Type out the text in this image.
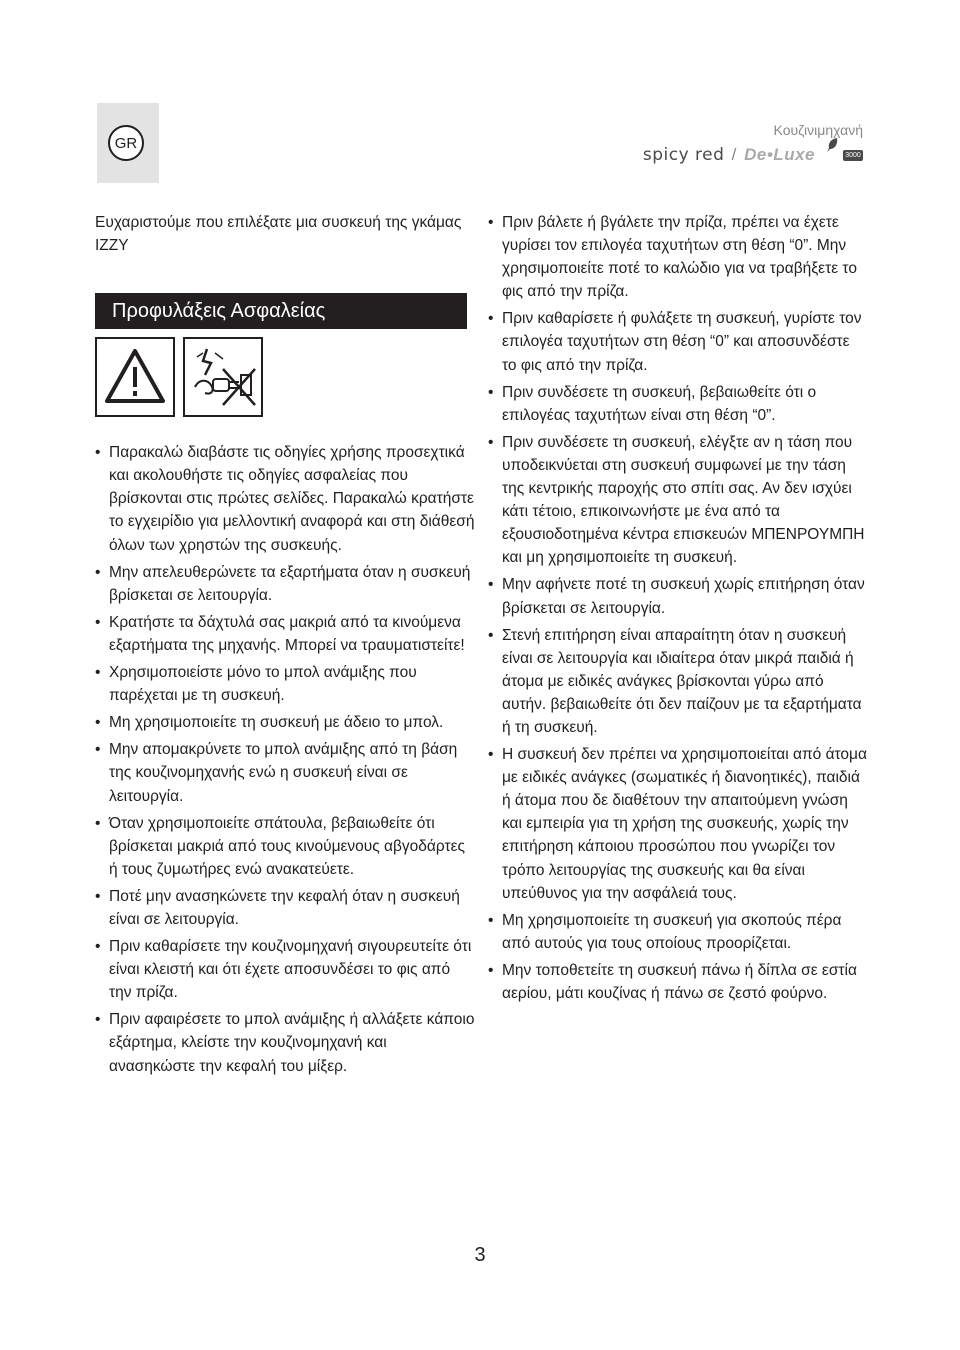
GR
Κουζινιμηχανή
spicy red / De•Luxe	3000

Ευχαριστούμε που επιλέξατε μια συσκευή της γκάμας IZZY

Προφυλάξεις Ασφαλείας
• Παρακαλώ διαβάστε τις οδηγίες χρήσης προσεχτικά και ακολουθήστε τις οδηγίες ασφαλείας που βρίσκονται στις πρώτες σελίδες. Παρακαλώ κρατήστε το εγχειρίδιο για μελλοντική αναφορά και στη διάθεσή όλων των χρηστών της συσκευής.
• Μην απελευθερώνετε τα εξαρτήματα όταν η συσκευή βρίσκεται σε λειτουργία.
• Κρατήστε τα δάχτυλά σας μακριά από τα κινούμενα εξαρτήματα της μηχανής. Μπορεί να τραυματιστείτε!
• Χρησιμοποιείστε μόνο το μπολ ανάμιξης που παρέχεται με τη συσκευή.
• Μη χρησιμοποιείτε τη συσκευή με άδειο το μπολ.
• Μην απομακρύνετε το μπολ ανάμιξης από τη βάση της κουζινομηχανής ενώ η συσκευή είναι σε λειτουργία.
• Όταν χρησιμοποιείτε σπάτουλα, βεβαιωθείτε ότι βρίσκεται μακριά από τους κινούμενους αβγοδάρτες ή τους ζυμωτήρες ενώ ανακατεύετε.
• Ποτέ μην ανασηκώνετε την κεφαλή όταν η συσκευή είναι σε λειτουργία.
• Πριν καθαρίσετε την κουζινομηχανή σιγουρευτείτε ότι είναι κλειστή και ότι έχετε αποσυνδέσει το φις από την πρίζα.
• Πριν αφαιρέσετε το μπολ ανάμιξης ή αλλάξετε κάποιο εξάρτημα, κλείστε την κουζινομηχανή και ανασηκώστε την κεφαλή του μίξερ.
• Πριν βάλετε ή βγάλετε την πρίζα, πρέπει να έχετε γυρίσει τον επιλογέα ταχυτήτων στη θέση “0”. Μην χρησιμοποιείτε ποτέ το καλώδιο για να τραβήξετε το φις από την πρίζα.
• Πριν καθαρίσετε ή φυλάξετε τη συσκευή, γυρίστε τον επιλογέα ταχυτήτων στη θέση “0” και αποσυνδέστε το φις από την πρίζα.
• Πριν συνδέσετε τη συσκευή, βεβαιωθείτε ότι ο επιλογέας ταχυτήτων είναι στη θέση “0”.
• Πριν συνδέσετε τη συσκευή, ελέγξτε αν η τάση που υποδεικνύεται στη συσκευή συμφωνεί με την τάση της κεντρικής παροχής στο σπίτι σας. Αν δεν ισχύει κάτι τέτοιο, επικοινωνήστε με ένα από τα εξουσιοδοτημένα κέντρα επισκευών ΜΠΕΝΡΟΥΜΠΗ και μη χρησιμοποιείτε τη συσκευή.
• Μην αφήνετε ποτέ τη συσκευή χωρίς επιτήρηση όταν βρίσκεται σε λειτουργία.
• Στενή επιτήρηση είναι απαραίτητη όταν η συσκευή είναι σε λειτουργία και ιδιαίτερα όταν μικρά παιδιά ή άτομα με ειδικές ανάγκες βρίσκονται γύρω από αυτήν. βεβαιωθείτε ότι δεν παίζουν με τα εξαρτήματα ή τη συσκευή.
• Η συσκευή δεν πρέπει να χρησιμοποιείται από άτομα με ειδικές ανάγκες (σωματικές ή διανοητικές), παιδιά ή άτομα που δε διαθέτουν την απαιτούμενη γνώση και εμπειρία για τη χρήση της συσκευής, χωρίς την επιτήρηση κάποιου προσώπου που γνωρίζει τον τρόπο λειτουργίας της συσκευής και θα είναι υπεύθυνος για την ασφάλειά τους.
• Μη χρησιμοποιείτε τη συσκευή για σκοπούς πέρα από αυτούς για τους οποίους προορίζεται.
• Μην τοποθετείτε τη συσκευή πάνω ή δίπλα σε εστία αερίου, μάτι κουζίνας ή πάνω σε ζεστό φούρνο.
3
